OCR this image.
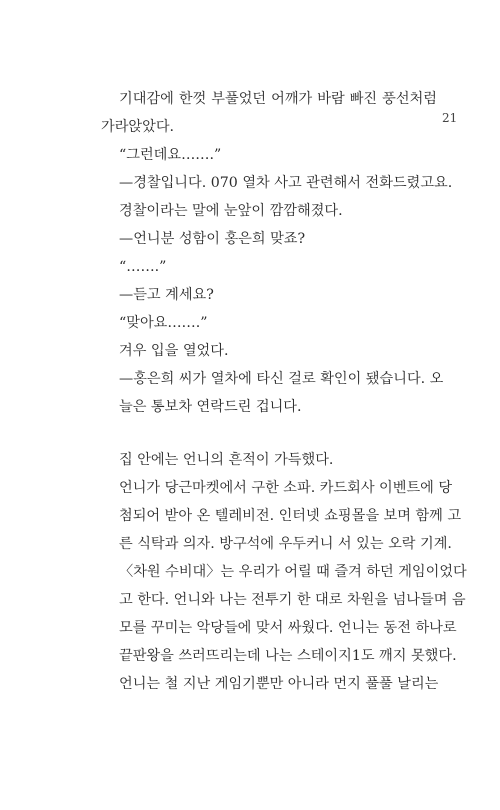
21
기대감에 한껏 부풀었던 어깨가 바람 빠진 풍선처럼
가라앉았다.
“그런데요…….”
—경찰입니다. 070 열차 사고 관련해서 전화드렸고요.
경찰이라는 말에 눈앞이 깜깜해졌다.
—언니분 성함이 홍은희 맞죠?
“…….”
—듣고 계세요?
“맞아요…….”
겨우 입을 열었다.
—홍은희 씨가 열차에 타신 걸로 확인이 됐습니다. 오
늘은 통보차 연락드린 겁니다.
집 안에는 언니의 흔적이 가득했다.
언니가 당근마켓에서 구한 소파. 카드회사 이벤트에 당
첨되어 받아 온 텔레비전. 인터넷 쇼핑몰을 보며 함께 고
른 식탁과 의자. 방구석에 우두커니 서 있는 오락 기계.
〈차원 수비대〉는 우리가 어릴 때 즐겨 하던 게임이었다
고 한다. 언니와 나는 전투기 한 대로 차원을 넘나들며 음
모를 꾸미는 악당들에 맞서 싸웠다. 언니는 동전 하나로
끝판왕을 쓰러뜨리는데 나는 스테이지1도 깨지 못했다.
언니는 철 지난 게임기뿐만 아니라 먼지 풀풀 날리는
